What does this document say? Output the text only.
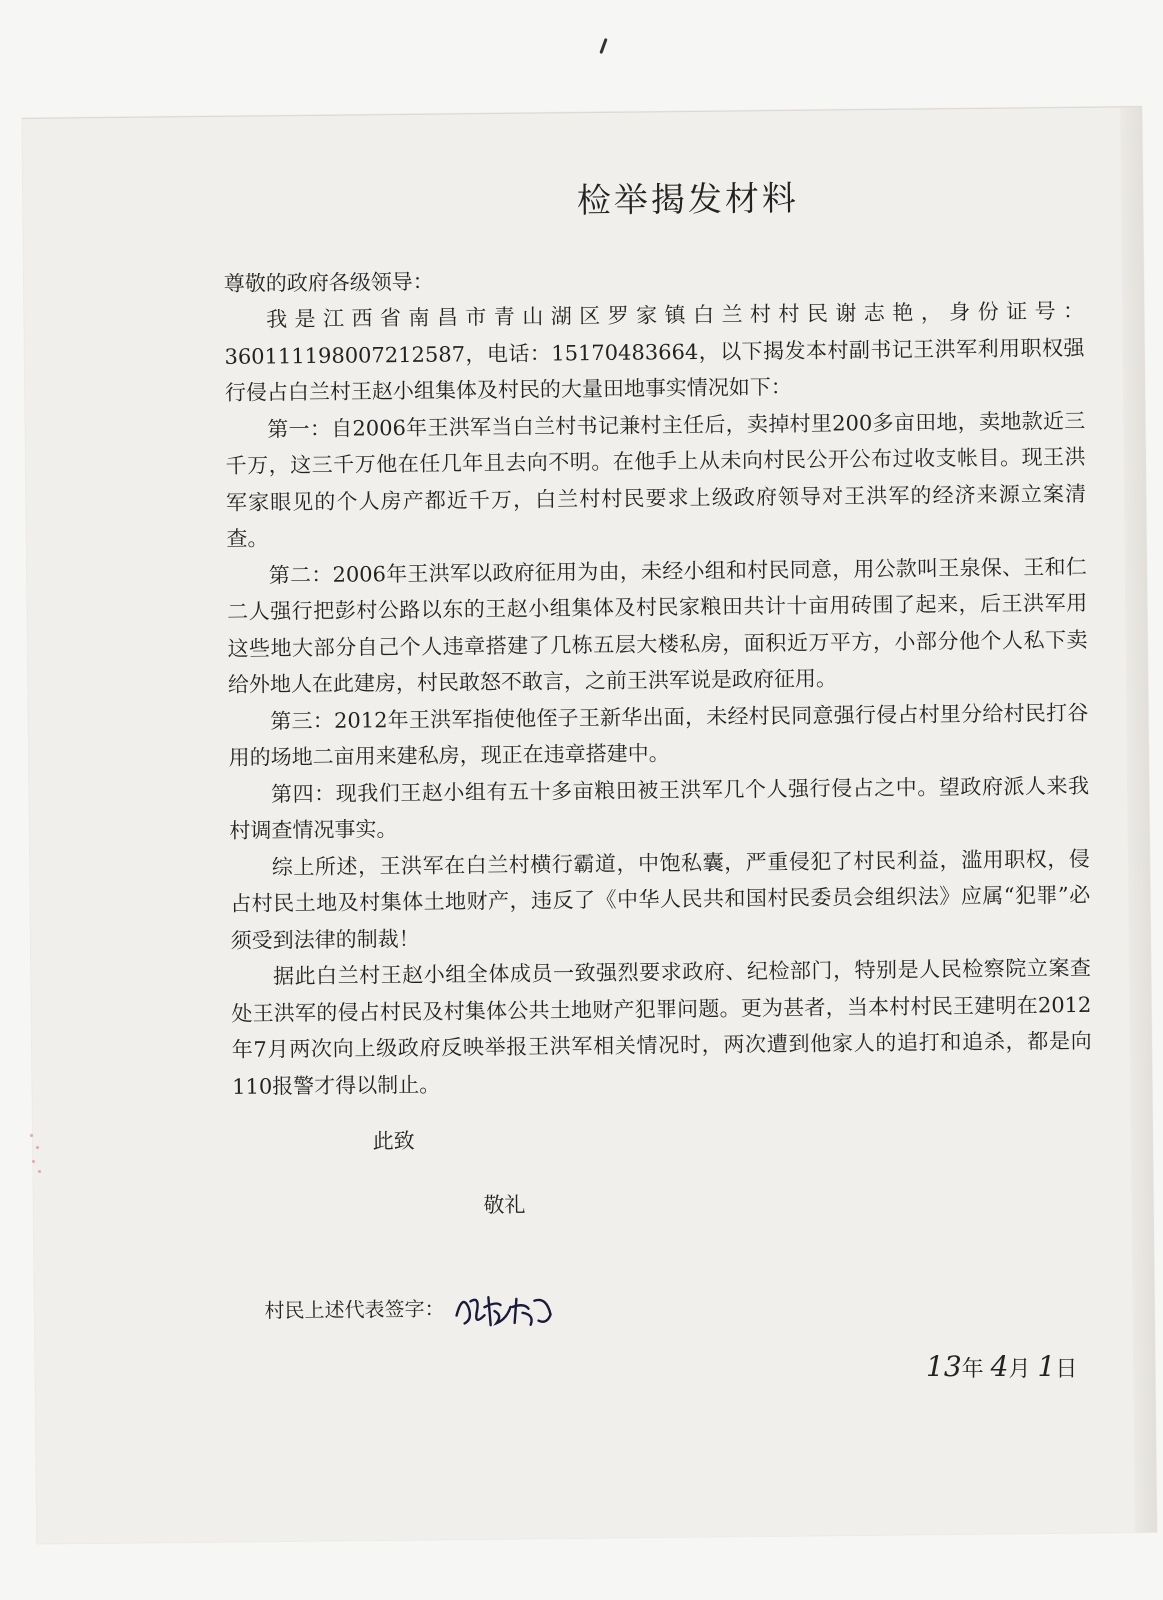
检举揭发材料

尊敬的政府各级领导：

我是江西省南昌市青山湖区罗家镇白兰村村民谢志艳，身份证号：360111198007212587，电话：15170483664，以下揭发本村副书记王洪军利用职权强行侵占白兰村王赵小组集体及村民的大量田地事实情况如下：

第一：自2006年王洪军当白兰村书记兼村主任后，卖掉村里200多亩田地，卖地款近三千万，这三千万他在任几年且去向不明。在他手上从未向村民公开公布过收支帐目。现王洪军家眼见的个人房产都近千万，白兰村村民要求上级政府领导对王洪军的经济来源立案清查。

第二：2006年王洪军以政府征用为由，未经小组和村民同意，用公款叫王泉保、王和仁二人强行把彭村公路以东的王赵小组集体及村民家粮田共计十亩用砖围了起来，后王洪军用这些地大部分自己个人违章搭建了几栋五层大楼私房，面积近万平方，小部分他个人私下卖给外地人在此建房，村民敢怒不敢言，之前王洪军说是政府征用。

第三：2012年王洪军指使他侄子王新华出面，未经村民同意强行侵占村里分给村民打谷用的场地二亩用来建私房，现正在违章搭建中。

第四：现我们王赵小组有五十多亩粮田被王洪军几个人强行侵占之中。望政府派人来我村调查情况事实。

综上所述，王洪军在白兰村横行霸道，中饱私囊，严重侵犯了村民利益，滥用职权，侵占村民土地及村集体土地财产，违反了《中华人民共和国村民委员会组织法》应属“犯罪”必须受到法律的制裁！

据此白兰村王赵小组全体成员一致强烈要求政府、纪检部门，特别是人民检察院立案查处王洪军的侵占村民及村集体公共土地财产犯罪问题。更为甚者，当本村村民王建明在2012年7月两次向上级政府反映举报王洪军相关情况时，两次遭到他家人的追打和追杀，都是向110报警才得以制止。

此致

敬礼

村民上述代表签字：
13年 4月 1日
